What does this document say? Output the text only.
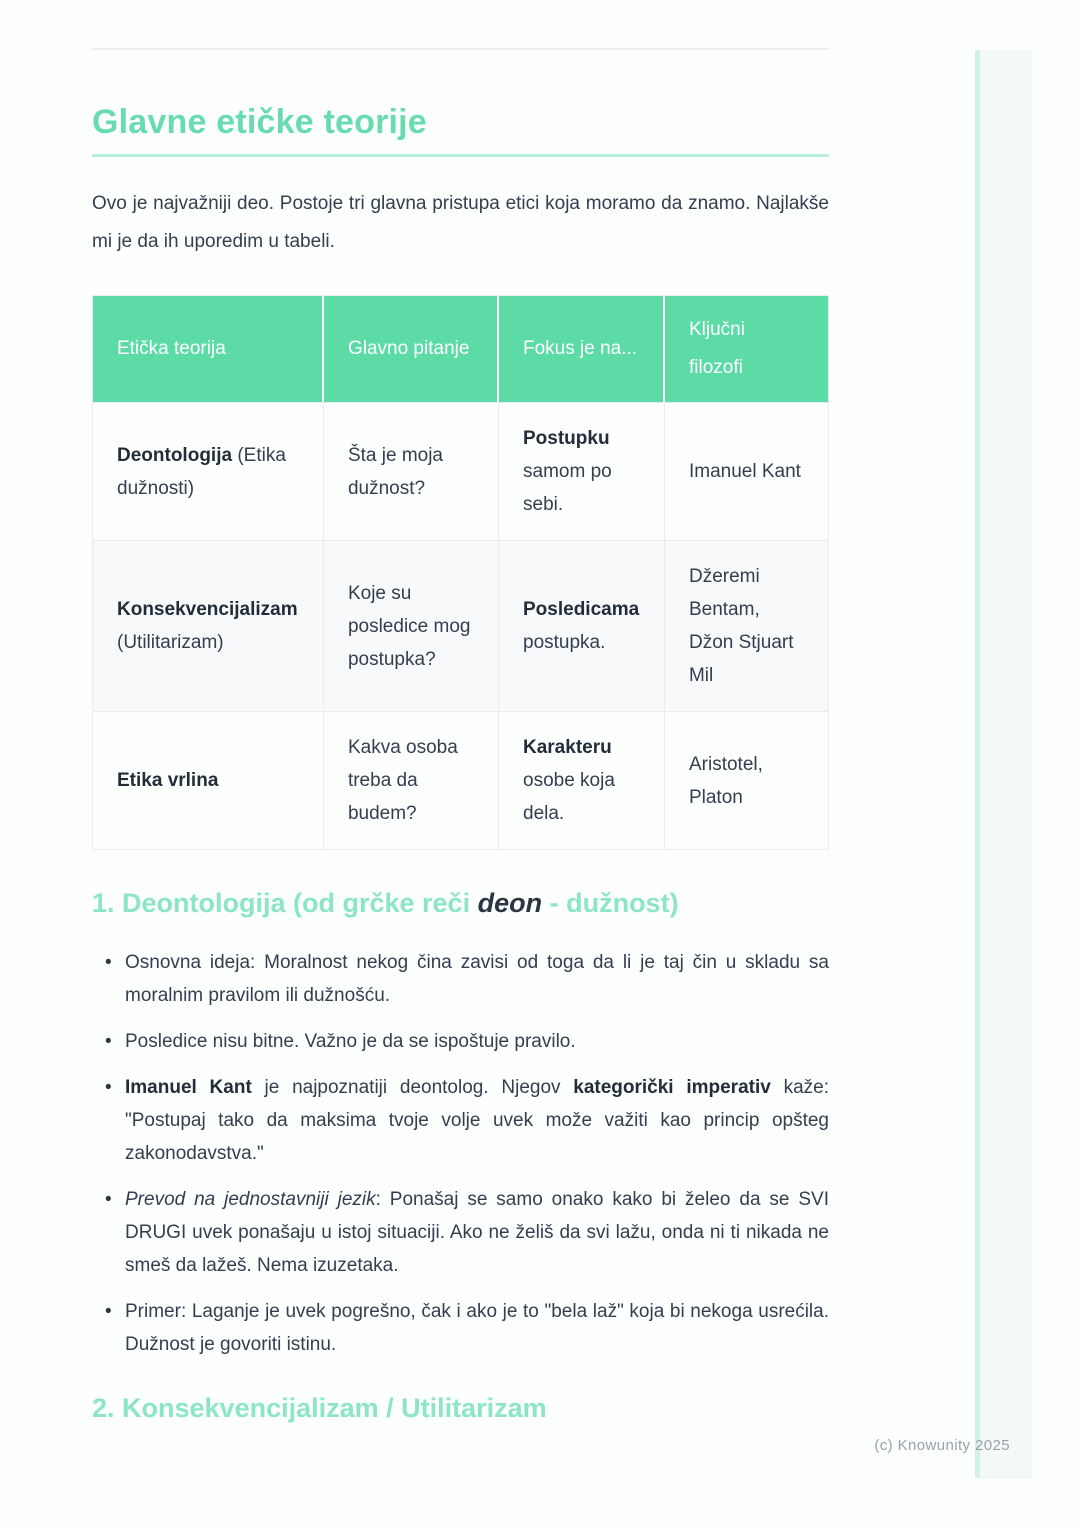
(c) Knowunity 2025
Glavne etičke teorije

Ovo je najvažniji deo. Postoje tri glavna pristupa etici koja moramo da znamo. Najlakše mi je da ih uporedim u tabeli.

Etička teorija	Glavno pitanje	Fokus je na...	Ključni filozofi
Deontologija (Etika dužnosti)	Šta je moja dužnost?	Postupku samom po sebi.	Imanuel Kant
Konsekvencijalizam (Utilitarizam)	Koje su posledice mog postupka?	Posledicama postupka.	Džeremi Bentam, Džon Stjuart Mil
Etika vrlina	Kakva osoba treba da budem?	Karakteru osobe koja dela.	Aristotel, Platon
1. Deontologija (od grčke reči deon - dužnost)
• Osnovna ideja: Moralnost nekog čina zavisi od toga da li je taj čin u skladu sa moralnim pravilom ili dužnošću.
• Posledice nisu bitne. Važno je da se ispoštuje pravilo.
• Imanuel Kant je najpoznatiji deontolog. Njegov kategorički imperativ kaže: "Postupaj tako da maksima tvoje volje uvek može važiti kao princip opšteg zakonodavstva."
• Prevod na jednostavniji jezik: Ponašaj se samo onako kako bi želeo da se SVI DRUGI uvek ponašaju u istoj situaciji. Ako ne želiš da svi lažu, onda ni ti nikada ne smeš da lažeš. Nema izuzetaka.
• Primer: Laganje je uvek pogrešno, čak i ako je to "bela laž" koja bi nekoga usrećila. Dužnost je govoriti istinu.
2. Konsekvencijalizam / Utilitarizam
